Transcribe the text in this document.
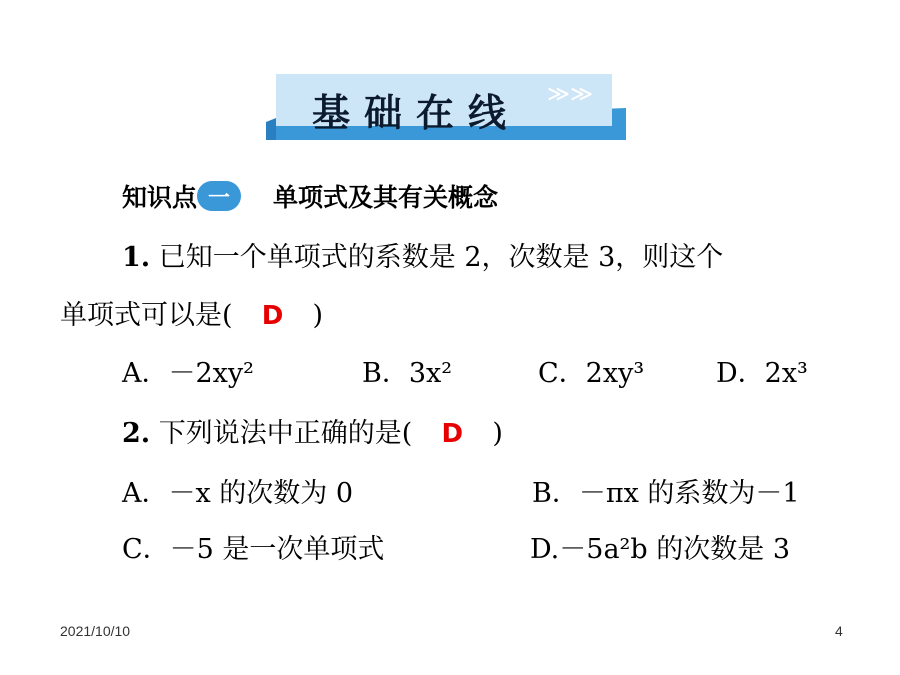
基础在线	≫≫
知识点 一	单项式及其有关概念
1. 已知一个单项式的系数是 2，次数是 3，则这个
单项式可以是( D )
A．－2xy²	B．3x²	C．2xy³	D．2x³
2. 下列说法中正确的是( D )
A．－x 的次数为 0	B．－πx 的系数为－1
C．－5 是一次单项式	D.－5a²b 的次数是 3
2021/10/10	4
